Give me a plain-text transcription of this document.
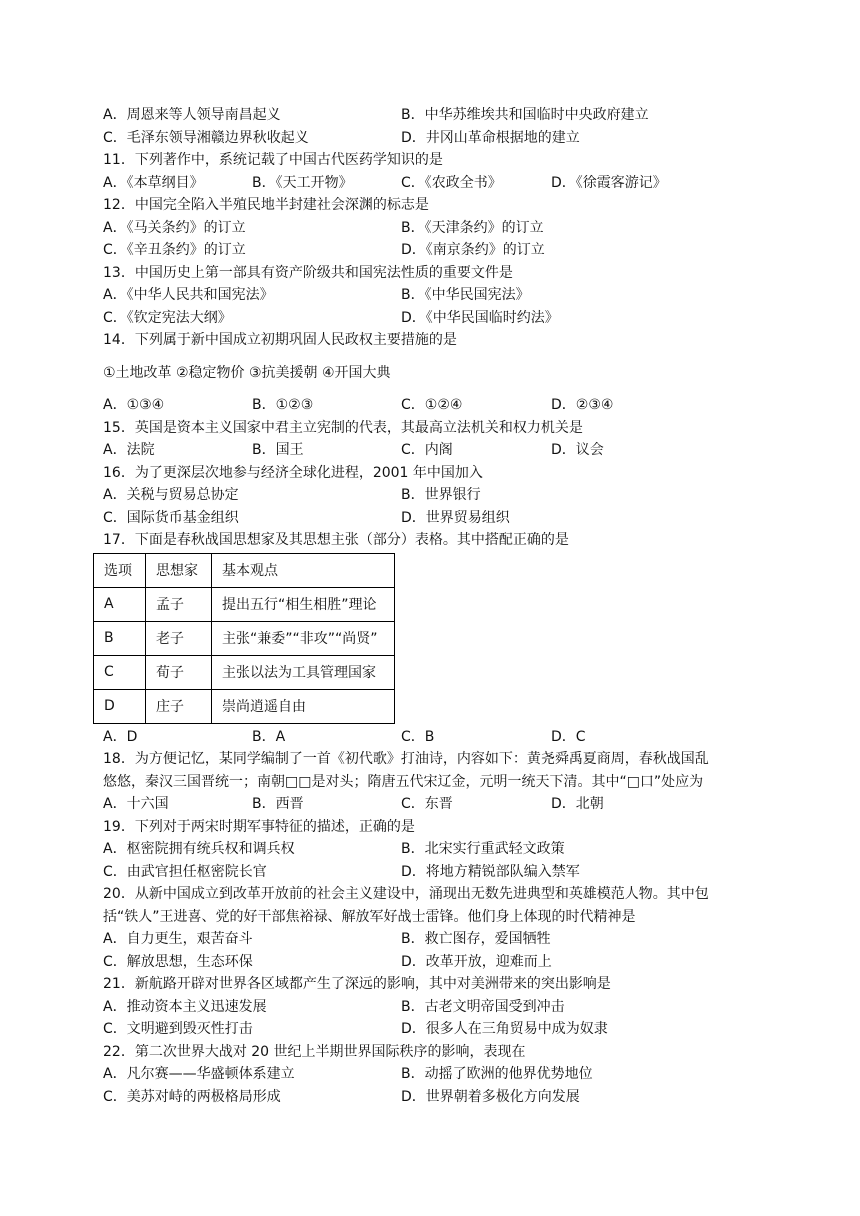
A．周恩来等人领导南昌起义	B．中华苏维埃共和国临时中央政府建立
C．毛泽东领导湘赣边界秋收起义	D．井冈山革命根据地的建立
11．下列著作中，系统记载了中国古代医药学知识的是
A．《本草纲目》	B．《天工开物》	C．《农政全书》	D．《徐霞客游记》
12．中国完全陷入半殖民地半封建社会深渊的标志是
A．《马关条约》的订立	B．《天津条约》的订立
C．《辛丑条约》的订立	D．《南京条约》的订立
13．中国历史上第一部具有资产阶级共和国宪法性质的重要文件是
A．《中华人民共和国宪法》	B．《中华民国宪法》
C．《钦定宪法大纲》	D．《中华民国临时约法》
14．下列属于新中国成立初期巩固人民政权主要措施的是
①土地改革 ②稳定物价 ③抗美援朝 ④开国大典
A．①③④	B．①②③	C．①②④	D．②③④
15．英国是资本主义国家中君主立宪制的代表，其最高立法机关和权力机关是
A．法院	B．国王	C．内阁	D．议会
16．为了更深层次地参与经济全球化进程，2001 年中国加入
A．关税与贸易总协定	B．世界银行
C．国际货币基金组织	D．世界贸易组织
17．下面是春秋战国思想家及其思想主张（部分）表格。其中搭配正确的是
选项	思想家	基本观点
A	孟子	提出五行“相生相胜”理论
B	老子	主张“兼委”“非攻”“尚贤”
C	荀子	主张以法为工具管理国家
D	庄子	崇尚逍遥自由
A．D	B．A	C．B	D．C
18．为方便记忆，某同学编制了一首《初代歌》打油诗，内容如下：黄尧舜禹夏商周，春秋战国乱
悠悠，秦汉三国晋统一；南朝□□是对头；隋唐五代宋辽金，元明一统天下清。其中“□口”处应为
A．十六国	B．西晋	C．东晋	D．北朝
19．下列对于两宋时期军事特征的描述，正确的是
A．枢密院拥有统兵权和调兵权	B．北宋实行重武轻文政策
C．由武官担任枢密院长官	D．将地方精锐部队编入禁军
20．从新中国成立到改革开放前的社会主义建设中，涌现出无数先进典型和英雄模范人物。其中包
括“铁人”王进喜、党的好干部焦裕禄、解放军好战士雷锋。他们身上体现的时代精神是
A．自力更生，艰苦奋斗	B．救亡图存，爱国牺牲
C．解放思想，生态环保	D．改革开放，迎难而上
21．新航路开辟对世界各区域都产生了深远的影响，其中对美洲带来的突出影响是
A．推动资本主义迅速发展	B．古老文明帝国受到冲击
C．文明避到毁灭性打击	D．很多人在三角贸易中成为奴隶
22．第二次世界大战对 20 世纪上半期世界国际秩序的影响，表现在
A．凡尔赛——华盛顿体系建立	B．动摇了欧洲的他界优势地位
C．美苏对峙的两极格局形成	D．世界朝着多极化方向发展
